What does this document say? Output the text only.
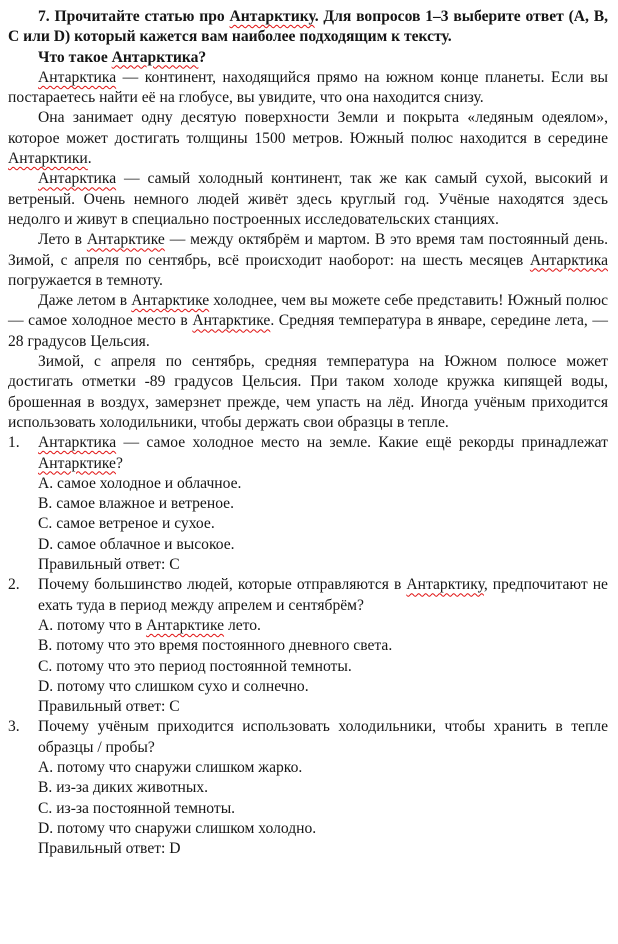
7. Прочитайте статью про Антарктику. Для вопросов 1–3 выберите ответ (А, В, С или D) который кажется вам наиболее подходящим к тексту.

Что такое Антарктика?

Антарктика — континент, находящийся прямо на южном конце планеты. Если вы постараетесь найти её на глобусе, вы увидите, что она находится снизу.

Она занимает одну десятую поверхности Земли и покрыта «ледяным одеялом», которое может достигать толщины 1500 метров. Южный полюс находится в середине Антарктики.

Антарктика — самый холодный континент, так же как самый сухой, высокий и ветреный. Очень немного людей живёт здесь круглый год. Учёные находятся здесь недолго и живут в специально построенных исследовательских станциях.

Лето в Антарктике — между октябрём и мартом. В это время там постоянный день. Зимой, с апреля по сентябрь, всё происходит наоборот: на шесть месяцев Антарктика погружается в темноту.

Даже летом в Антарктике холоднее, чем вы можете себе представить! Южный полюс — самое холодное место в Антарктике. Средняя температура в январе, середине лета, — 28 градусов Цельсия.

Зимой, с апреля по сентябрь, средняя температура на Южном полюсе может достигать отметки -89 градусов Цельсия. При таком холоде кружка кипящей воды, брошенная в воздух, замерзнет прежде, чем упасть на лёд. Иногда учёным приходится использовать холодильники, чтобы держать свои образцы в тепле.

1.	Антарктика — самое холодное место на земле. Какие ещё рекорды принадлежат Антарктике?

А. самое холодное и облачное.

В. самое влажное и ветреное.

С. самое ветреное и сухое.

D. самое облачное и высокое.

Правильный ответ: С

2.	Почему большинство людей, которые отправляются в Антарктику, предпочитают не ехать туда в период между апрелем и сентябрём?

А. потому что в Антарктике лето.

В. потому что это время постоянного дневного света.

С. потому что это период постоянной темноты.

D. потому что слишком сухо и солнечно.

Правильный ответ: С

3.	Почему учёным приходится использовать холодильники, чтобы хранить в тепле образцы / пробы?

А. потому что снаружи слишком жарко.

В. из-за диких животных.

С. из-за постоянной темноты.

D. потому что снаружи слишком холодно.

Правильный ответ: D
